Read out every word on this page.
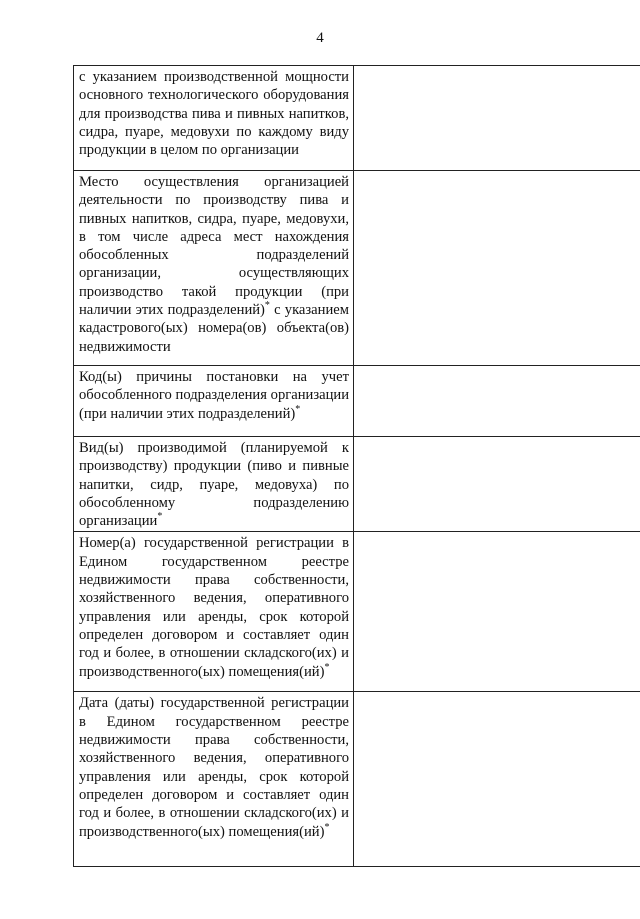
4
с указанием производственной мощности основного технологического оборудования для производства пива и пивных напитков, сидра, пуаре, медовухи по каждому виду продукции в целом по организации	
Место осуществления организацией деятельности по производству пива и пивных напитков, сидра, пуаре, медовухи, в том числе адреса мест нахождения обособленных подразделений организации, осуществляющих производство такой продукции (при наличии этих подразделений)* с указанием кадастрового(ых) номера(ов) объекта(ов) недвижимости	
Код(ы) причины постановки на учет обособленного подразделения организации (при наличии этих подразделений)*	
Вид(ы) производимой (планируемой к производству) продукции (пиво и пивные напитки, сидр, пуаре, медовуха) по обособленному подразделению организации*	
Номер(а) государственной регистрации в Едином государственном реестре недвижимости права собственности, хозяйственного ведения, оперативного управления или аренды, срок которой определен договором и составляет один год и более, в отношении складского(их) и производственного(ых) помещения(ий)*	
Дата (даты) государственной регистрации в Едином государственном реестре недвижимости права собственности, хозяйственного ведения, оперативного управления или аренды, срок которой определен договором и составляет один год и более, в отношении складского(их) и производственного(ых) помещения(ий)*	
